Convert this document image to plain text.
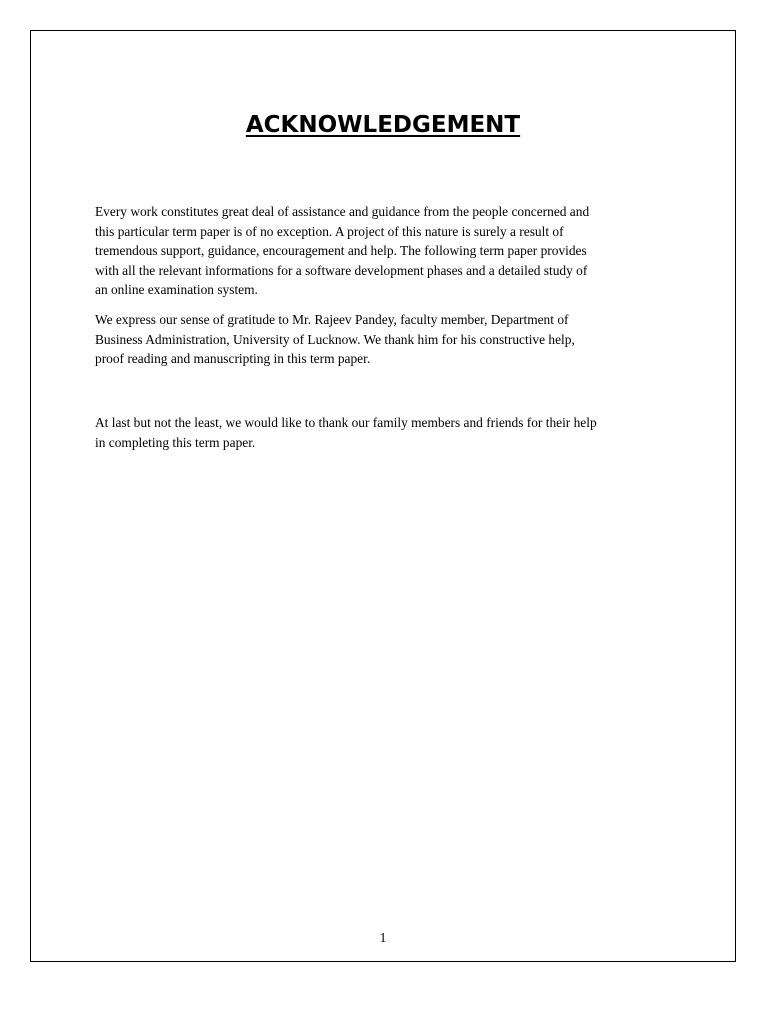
ACKNOWLEDGEMENT

Every work constitutes great deal of assistance and guidance from the people concerned and
this particular term paper is of no exception. A project of this nature is surely a result of
tremendous support, guidance, encouragement and help. The following term paper provides
with all the relevant informations for a software development phases and a detailed study of
an online examination system.

We express our sense of gratitude to Mr. Rajeev Pandey, faculty member, Department of
Business Administration, University of Lucknow. We thank him for his constructive help,
proof reading and manuscripting in this term paper.

At last but not the least, we would like to thank our family members and friends for their help
in completing this term paper.

1
